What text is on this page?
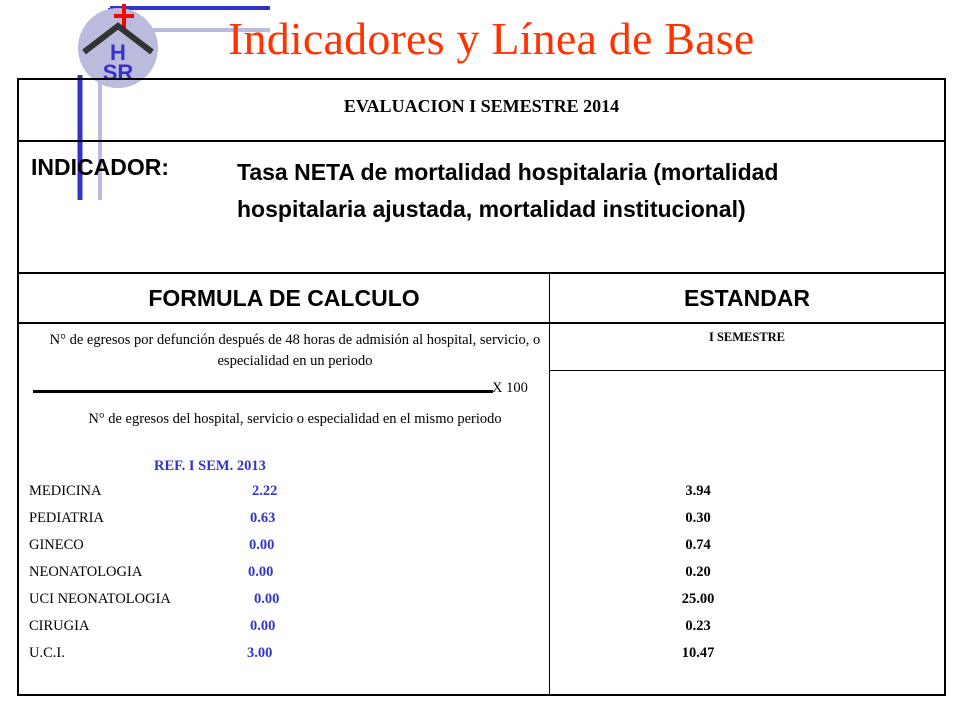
H
SR
Indicadores y Línea de Base
EVALUACION I SEMESTRE 2014
INDICADOR:	Tasa NETA de mortalidad hospitalaria (mortalidad
hospitalaria ajustada, mortalidad institucional)
FORMULA DE CALCULO	ESTANDAR
N° de egresos por defunción después de 48 horas de admisión al hospital, servicio, o especialidad en un periodo
X 100
N° de egresos del hospital, servicio o especialidad en el mismo periodo
REF. I SEM. 2013
I SEMESTRE
MEDICINA	2.22	3.94
PEDIATRIA	0.63	0.30
GINECO	0.00	0.74
NEONATOLOGIA	0.00	0.20
UCI NEONATOLOGIA	0.00	25.00
CIRUGIA	0.00	0.23
U.C.I.	3.00	10.47
